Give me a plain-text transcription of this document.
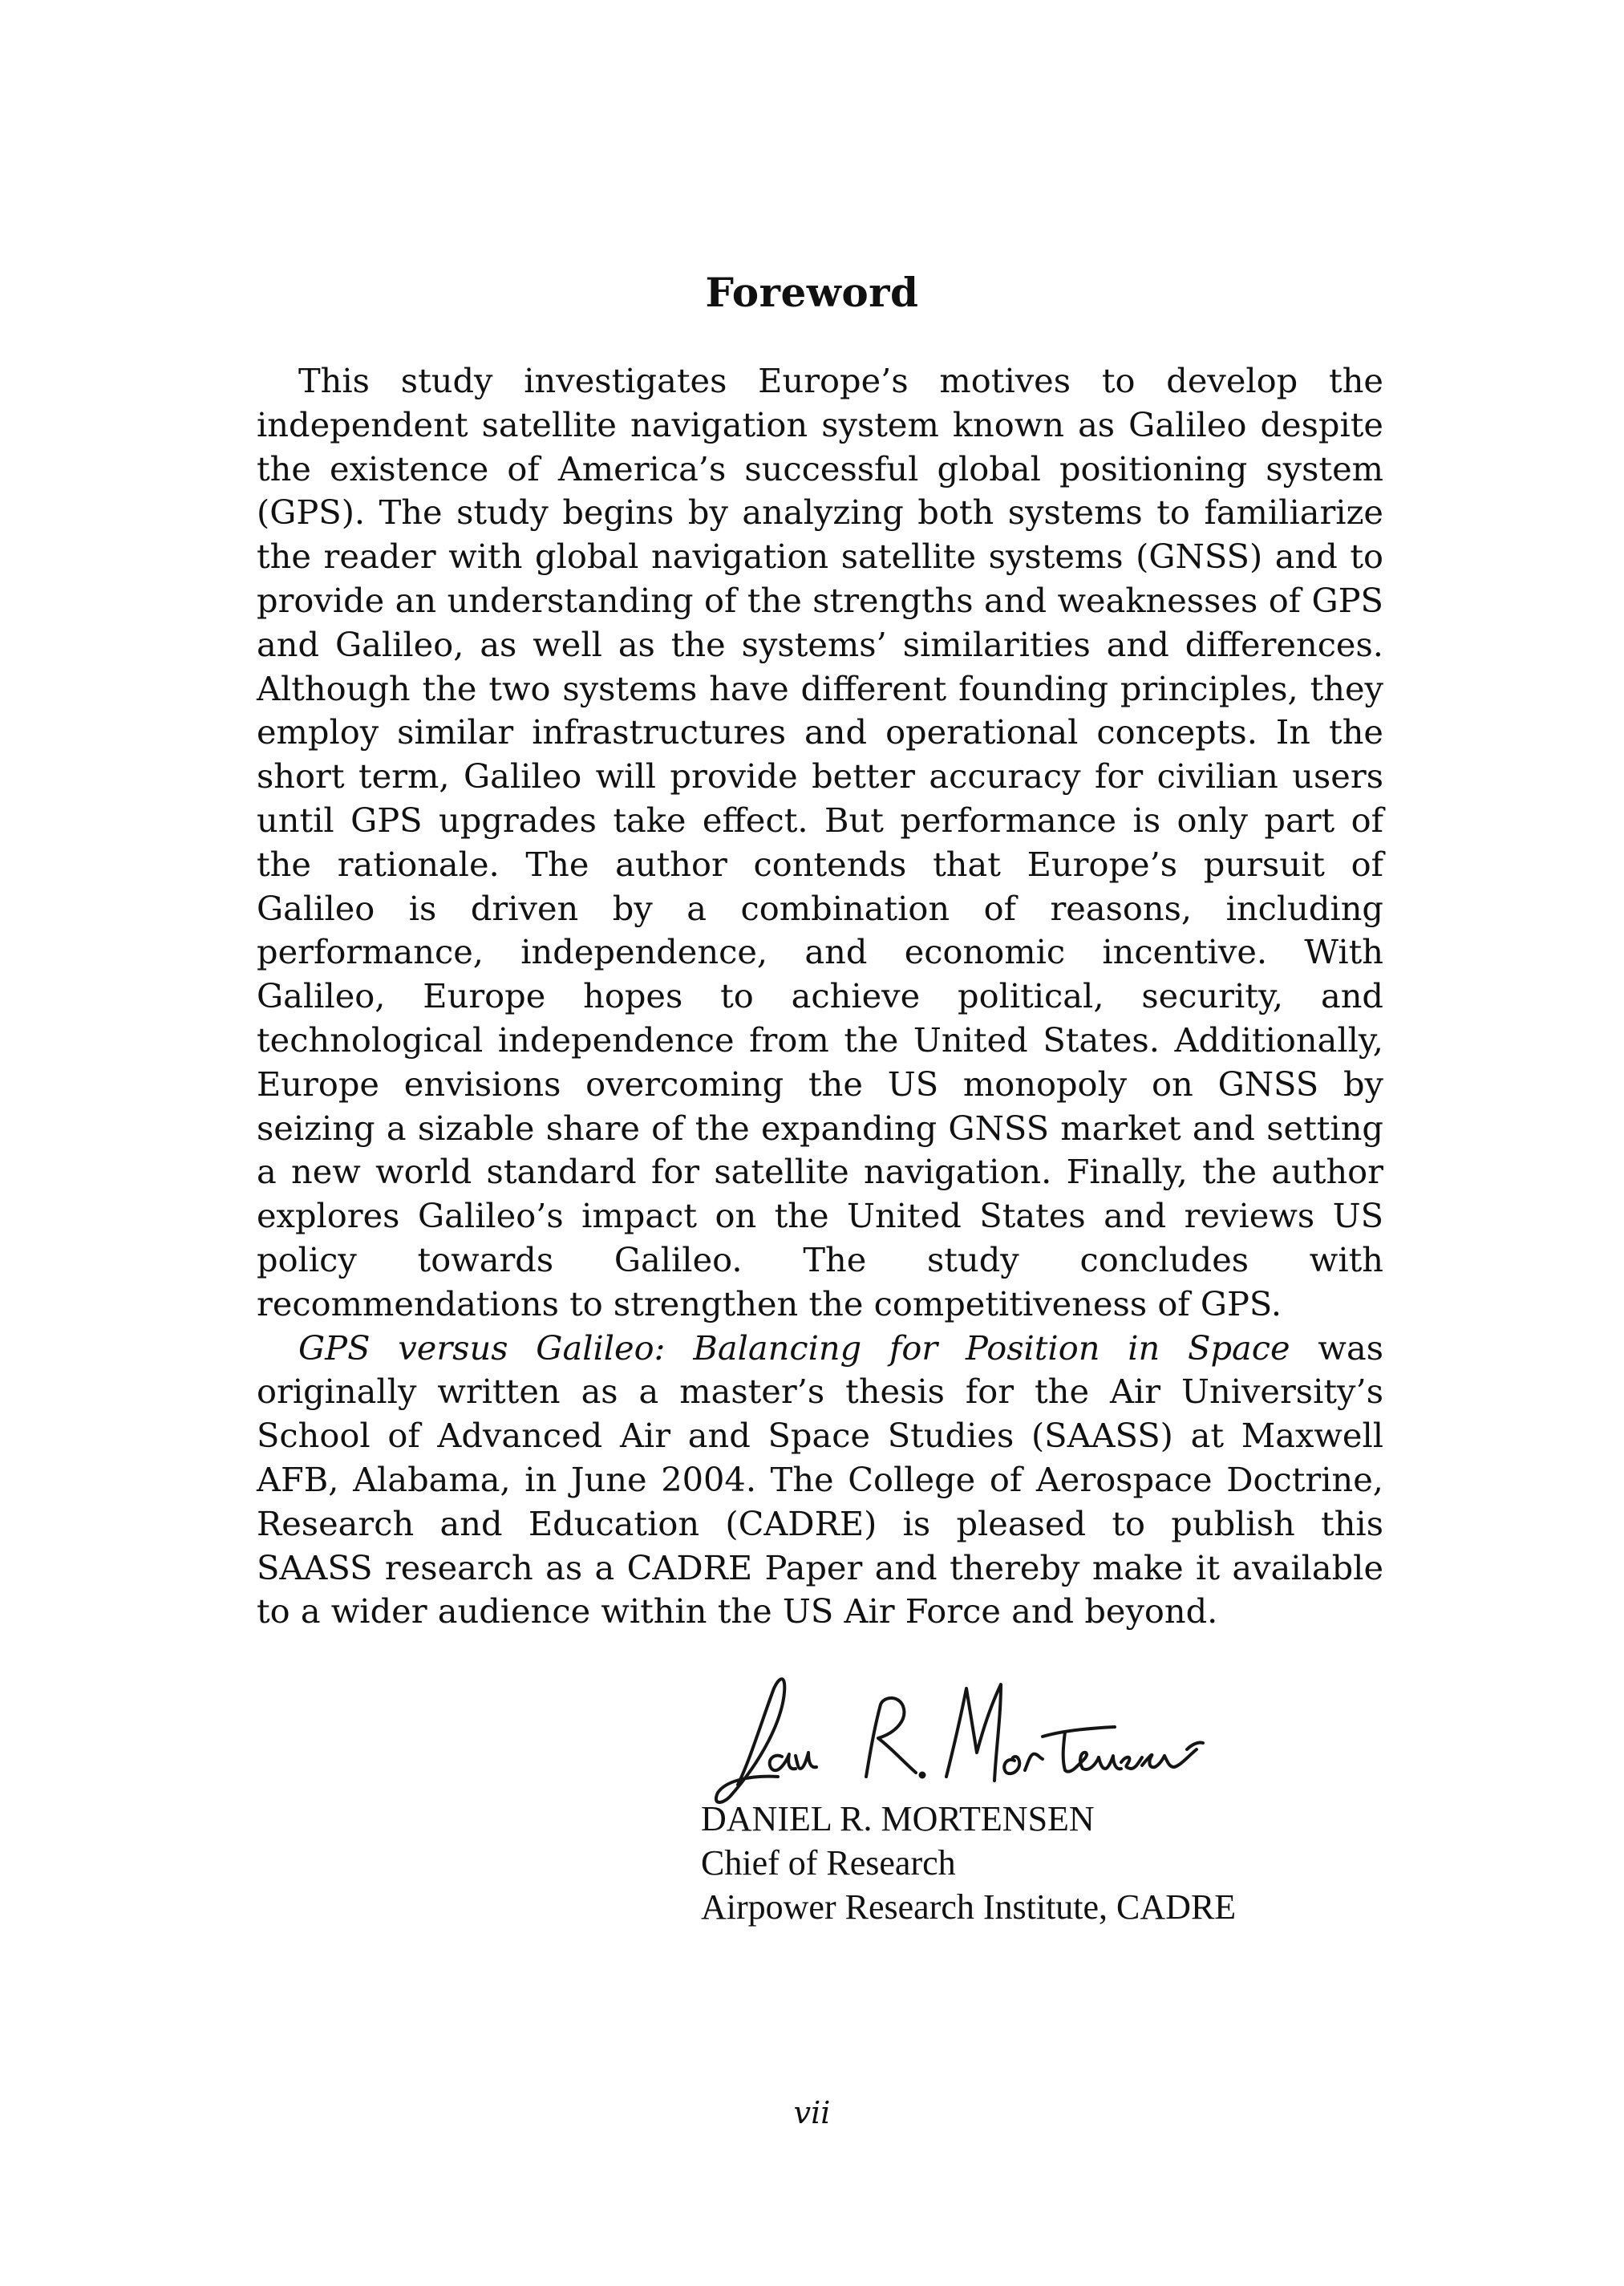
Foreword

This study investigates Europe’s motives to develop the independent satellite navigation system known as Galileo despite the existence of America’s successful global positioning system (GPS). The study begins by analyzing both systems to familiarize the reader with global navigation satellite systems (GNSS) and to provide an understanding of the strengths and weaknesses of GPS and Galileo, as well as the systems’ similarities and differences. Although the two systems have different founding principles, they employ similar infrastructures and operational concepts. In the short term, Galileo will provide better accuracy for civilian users until GPS upgrades take effect. But performance is only part of the rationale. The author contends that Europe’s pursuit of Galileo is driven by a combination of reasons, including performance, independence, and economic incentive. With Galileo, Europe hopes to achieve political, security, and technological independence from the United States. Additionally, Europe envisions overcoming the US monopoly on GNSS by seizing a sizable share of the expanding GNSS market and setting a new world standard for satellite navigation. Finally, the author explores Galileo’s impact on the United States and reviews US policy towards Galileo. The study concludes with recommendations to strengthen the competitiveness of GPS.

GPS versus Galileo: Balancing for Position in Space was originally written as a master’s thesis for the Air University’s School of Advanced Air and Space Studies (SAASS) at Maxwell AFB, Alabama, in June 2004. The College of Aerospace Doctrine, Research and Education (CADRE) is pleased to publish this SAASS research as a CADRE Paper and thereby make it available to a wider audience within the US Air Force and beyond.

DANIEL R. MORTENSEN
Chief of Research
Airpower Research Institute, CADRE
vii
